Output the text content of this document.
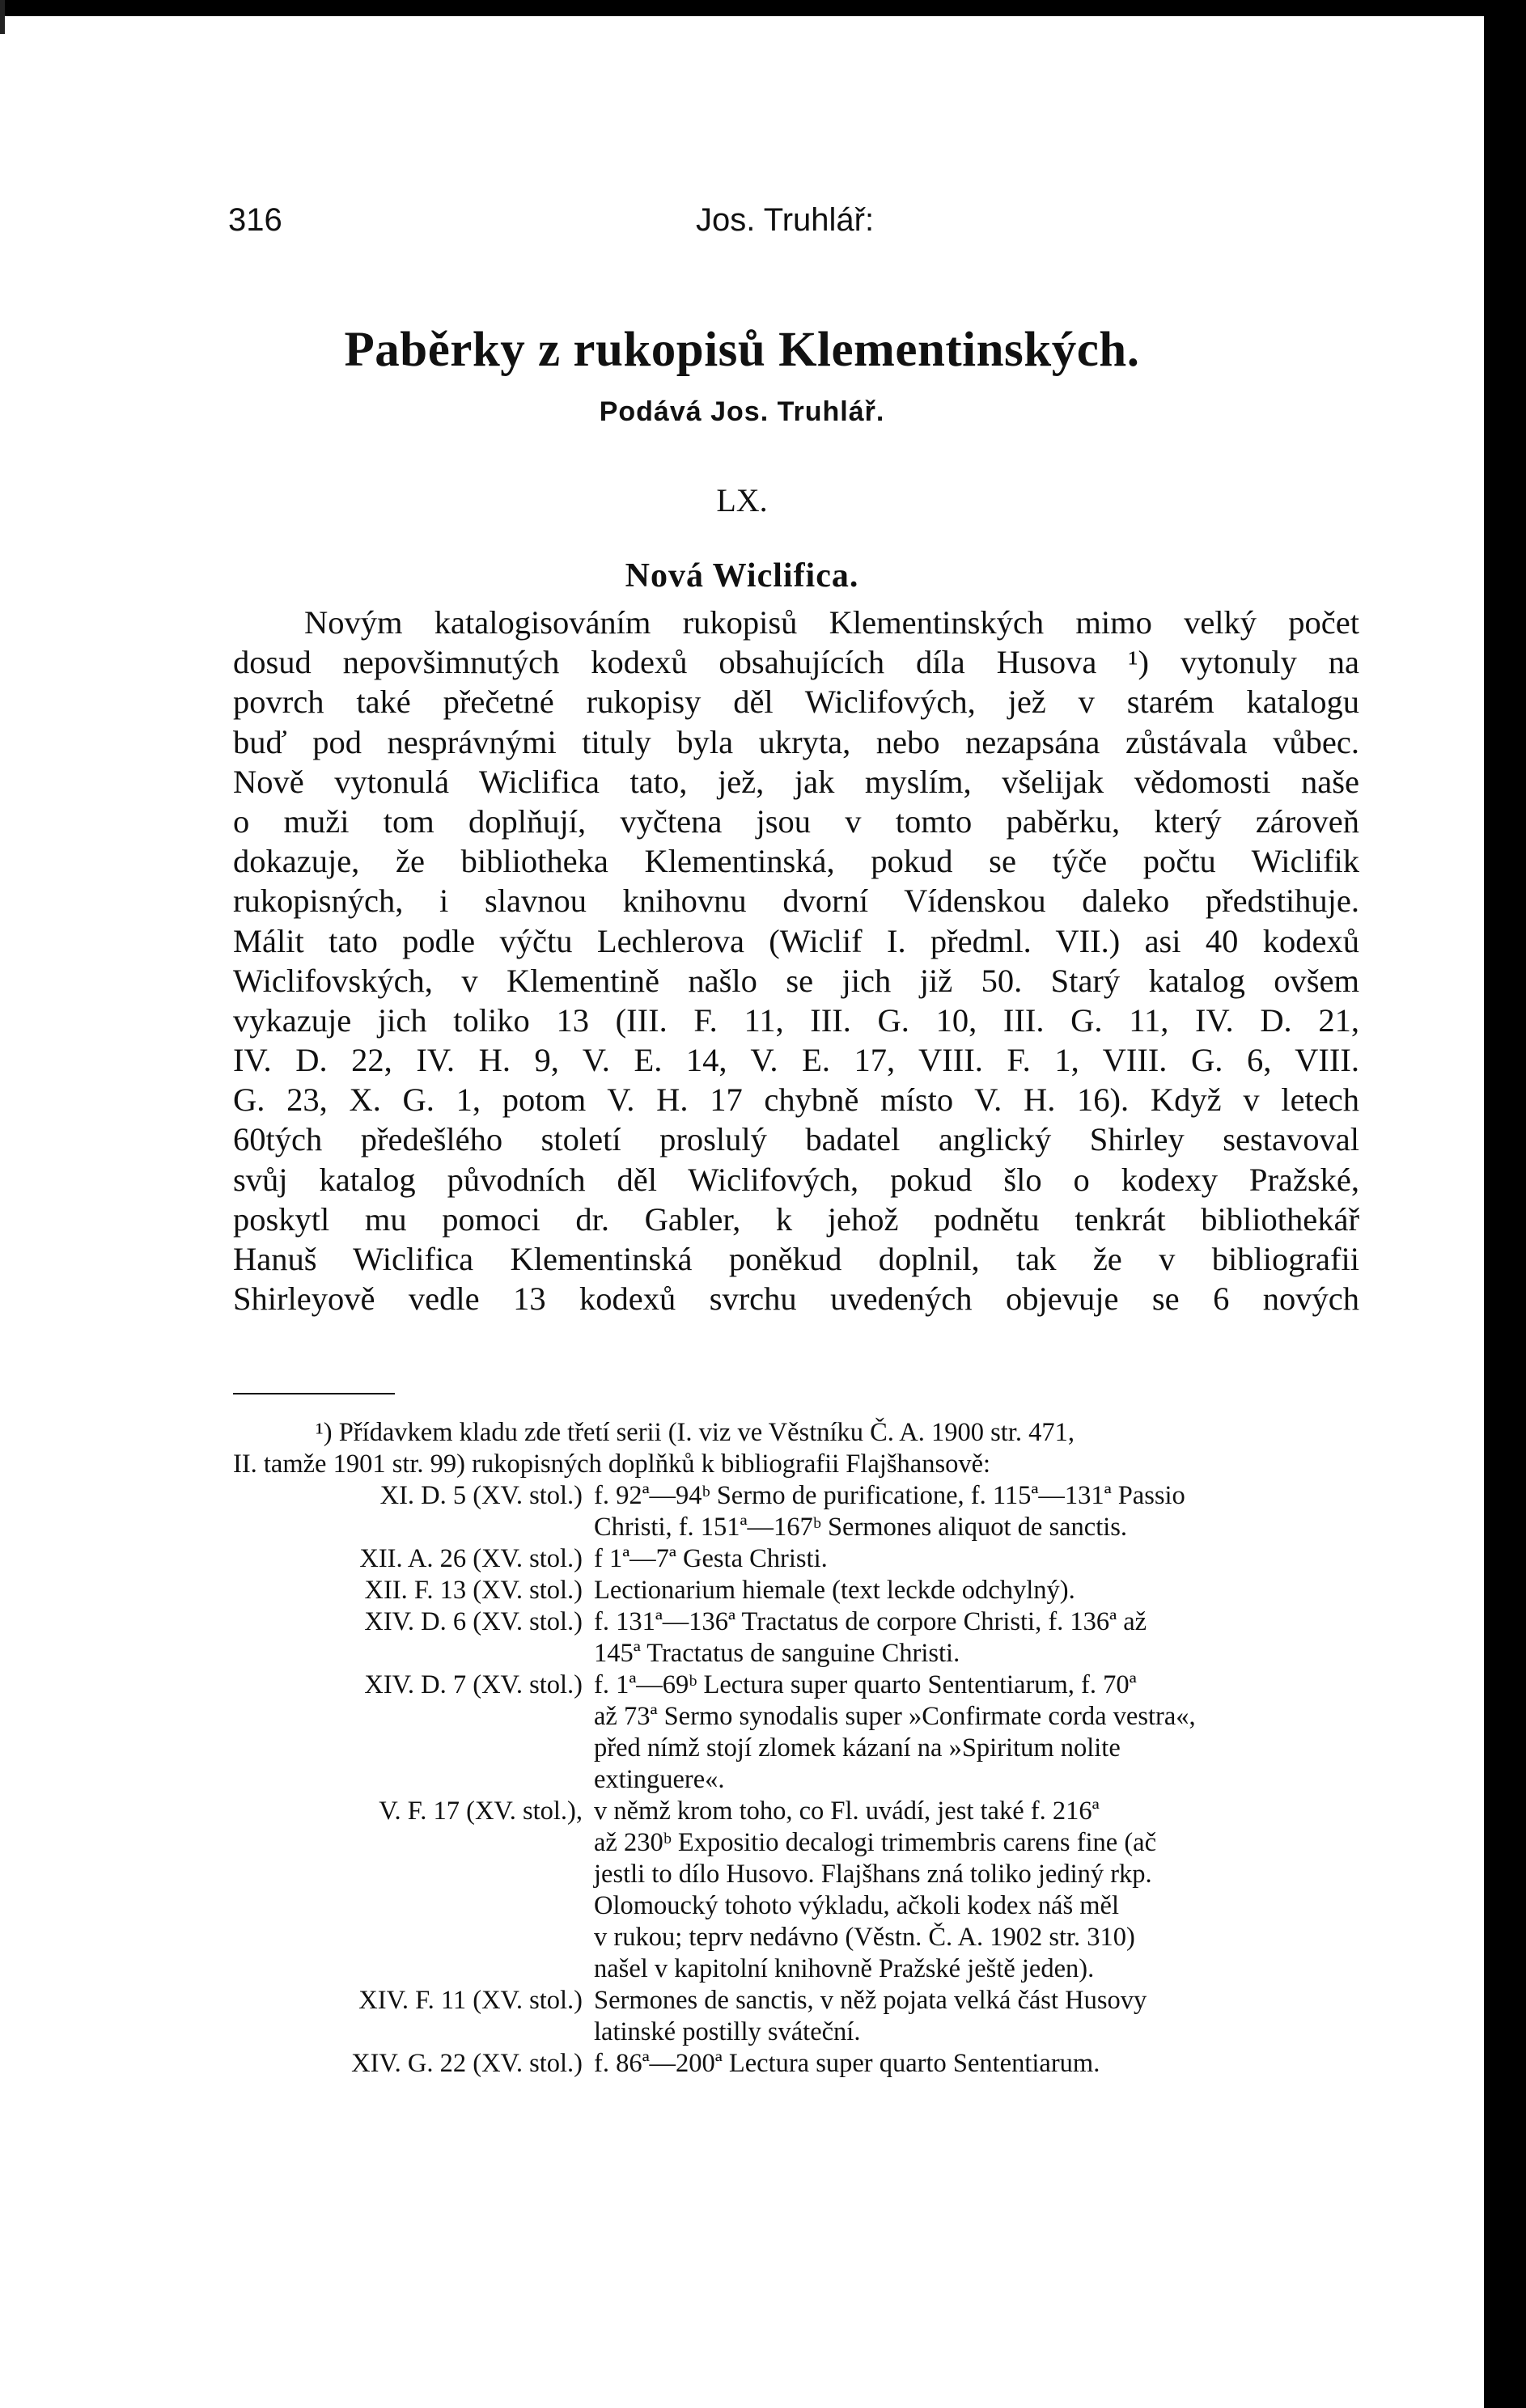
316	Jos. Truhlář:
Paběrky z rukopisů Klementinských.
Podává Jos. Truhlář.
LX.
Nová Wiclifica.
Novým katalogisováním rukopisů Klementinských mimo velký počet
dosud nepovšimnutých kodexů obsahujících díla Husova ¹) vytonuly na
povrch také přečetné rukopisy děl Wiclifových, jež v starém katalogu
buď pod nesprávnými tituly byla ukryta, nebo nezapsána zůstávala vůbec.
Nově vytonulá Wiclifica tato, jež, jak myslím, všelijak vědomosti naše
o muži tom doplňují, vyčtena jsou v tomto paběrku, který zároveň
dokazuje, že bibliotheka Klementinská, pokud se týče počtu Wiclifik
rukopisných, i slavnou knihovnu dvorní Vídenskou daleko předstihuje.
Málit tato podle výčtu Lechlerova (Wiclif I. předml. VII.) asi 40 kodexů
Wiclifovských, v Klementině našlo se jich již 50. Starý katalog ovšem
vykazuje jich toliko 13 (III. F. 11, III. G. 10, III. G. 11, IV. D. 21,
IV. D. 22, IV. H. 9, V. E. 14, V. E. 17, VIII. F. 1, VIII. G. 6, VIII.
G. 23, X. G. 1, potom V. H. 17 chybně místo V. H. 16). Když v letech
60tých předešlého století proslulý badatel anglický Shirley sestavoval
svůj katalog původních děl Wiclifových, pokud šlo o kodexy Pražské,
poskytl mu pomoci dr. Gabler, k jehož podnětu tenkrát bibliothekář
Hanuš Wiclifica Klementinská poněkud doplnil, tak že v bibliografii
Shirleyově vedle 13 kodexů svrchu uvedených objevuje se 6 nových
¹) Přídavkem kladu zde třetí serii (I. viz ve Věstníku Č. A. 1900 str. 471,
II. tamže 1901 str. 99) rukopisných doplňků k bibliografii Flajšhansově:
XI. D. 5 (XV. stol.) f. 92ª—94ᵇ Sermo de purificatione, f. 115ª—131ª Passio
Christi, f. 151ª—167ᵇ Sermones aliquot de sanctis.
XII. A. 26 (XV. stol.) f 1ª—7ª Gesta Christi.
XII. F. 13 (XV. stol.) Lectionarium hiemale (text leckde odchylný).
XIV. D. 6 (XV. stol.) f. 131ª—136ª Tractatus de corpore Christi, f. 136ª až
145ª Tractatus de sanguine Christi.
XIV. D. 7 (XV. stol.) f. 1ª—69ᵇ Lectura super quarto Sententiarum, f. 70ª
až 73ª Sermo synodalis super »Confirmate corda vestra«,
před nímž stojí zlomek kázaní na »Spiritum nolite
extinguere«.
V. F. 17 (XV. stol.), v němž krom toho, co Fl. uvádí, jest také f. 216ª
až 230ᵇ Expositio decalogi trimembris carens fine (ač
jestli to dílo Husovo. Flajšhans zná toliko jediný rkp.
Olomoucký tohoto výkladu, ačkoli kodex náš měl
v rukou; teprv nedávno (Věstn. Č. A. 1902 str. 310)
našel v kapitolní knihovně Pražské ještě jeden).
XIV. F. 11 (XV. stol.) Sermones de sanctis, v něž pojata velká část Husovy
latinské postilly sváteční.
XIV. G. 22 (XV. stol.) f. 86ª—200ª Lectura super quarto Sententiarum.
